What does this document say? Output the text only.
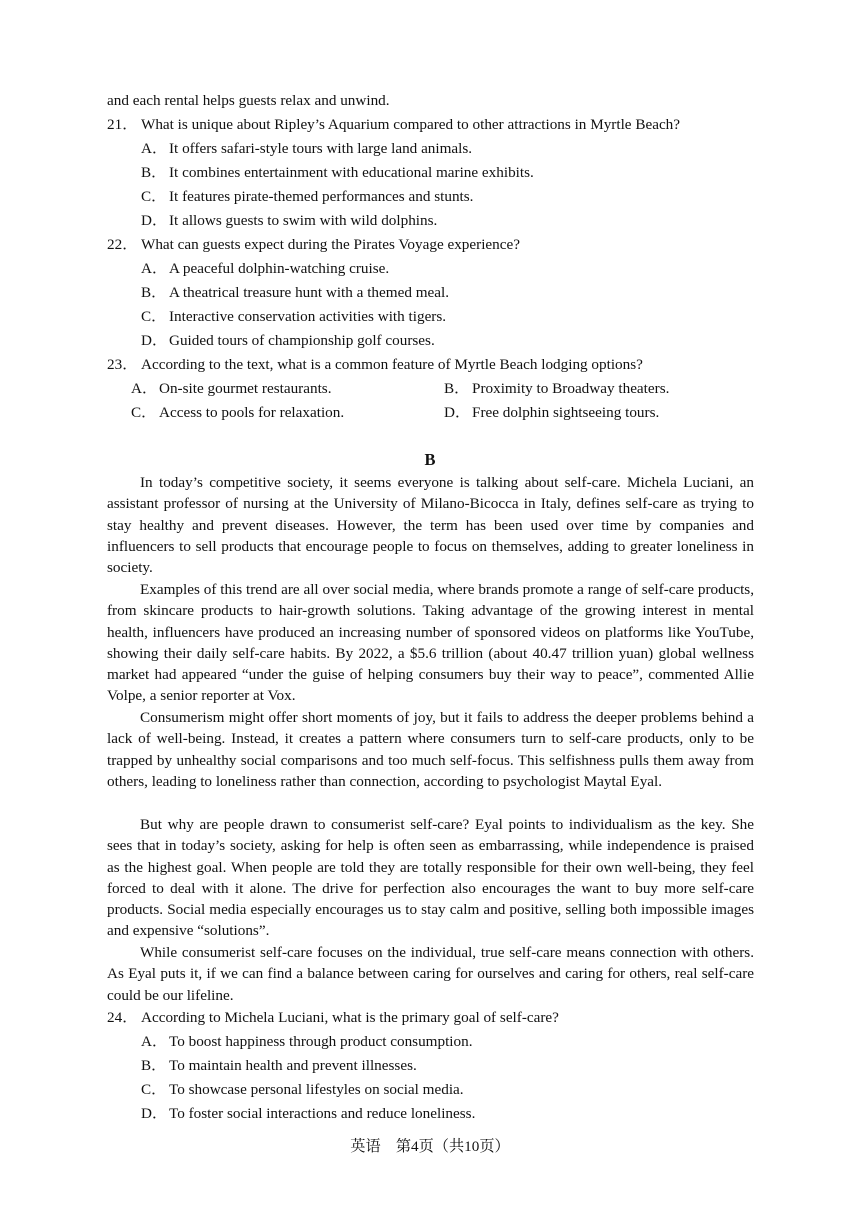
and each rental helps guests relax and unwind.
21． What is unique about Ripley’s Aquarium compared to other attractions in Myrtle Beach?
A． It offers safari-style tours with large land animals.
B． It combines entertainment with educational marine exhibits.
C． It features pirate-themed performances and stunts.
D． It allows guests to swim with wild dolphins.
22． What can guests expect during the Pirates Voyage experience?
A． A peaceful dolphin-watching cruise.
B． A theatrical treasure hunt with a themed meal.
C． Interactive conservation activities with tigers.
D． Guided tours of championship golf courses.
23． According to the text, what is a common feature of Myrtle Beach lodging options?
A． On-site gourmet restaurants.	B． Proximity to Broadway theaters.
C． Access to pools for relaxation.	D． Free dolphin sightseeing tours.
B

In today’s competitive society, it seems everyone is talking about self-care. Michela Luciani, an assistant professor of nursing at the University of Milano-Bicocca in Italy, defines self-care as trying to stay healthy and prevent diseases. However, the term has been used over time by companies and influencers to sell products that encourage people to focus on themselves, adding to greater loneliness in society.

Examples of this trend are all over social media, where brands promote a range of self-care products, from skincare products to hair-growth solutions. Taking advantage of the growing interest in mental health, influencers have produced an increasing number of sponsored videos on platforms like YouTube, showing their daily self-care habits. By 2022, a $5.6 trillion (about 40.47 trillion yuan) global wellness market had appeared “under the guise of helping consumers buy their way to peace”, commented Allie Volpe, a senior reporter at Vox.

Consumerism might offer short moments of joy, but it fails to address the deeper problems behind a lack of well-being. Instead, it creates a pattern where consumers turn to self-care products, only to be trapped by unhealthy social comparisons and too much self-focus. This selfishness pulls them away from others, leading to loneliness rather than connection, according to psychologist Maytal Eyal.

But why are people drawn to consumerist self-care? Eyal points to individualism as the key. She sees that in today’s society, asking for help is often seen as embarrassing, while independence is praised as the highest goal. When people are told they are totally responsible for their own well-being, they feel forced to deal with it alone. The drive for perfection also encourages the want to buy more self-care products. Social media especially encourages us to stay calm and positive, selling both impossible images and expensive “solutions”.

While consumerist self-care focuses on the individual, true self-care means connection with others. As Eyal puts it, if we can find a balance between caring for ourselves and caring for others, real self-care could be our lifeline.

24． According to Michela Luciani, what is the primary goal of self-care?
A． To boost happiness through product consumption.
B． To maintain health and prevent illnesses.
C． To showcase personal lifestyles on social media.
D． To foster social interactions and reduce loneliness.
英语　第4页（共10页）
